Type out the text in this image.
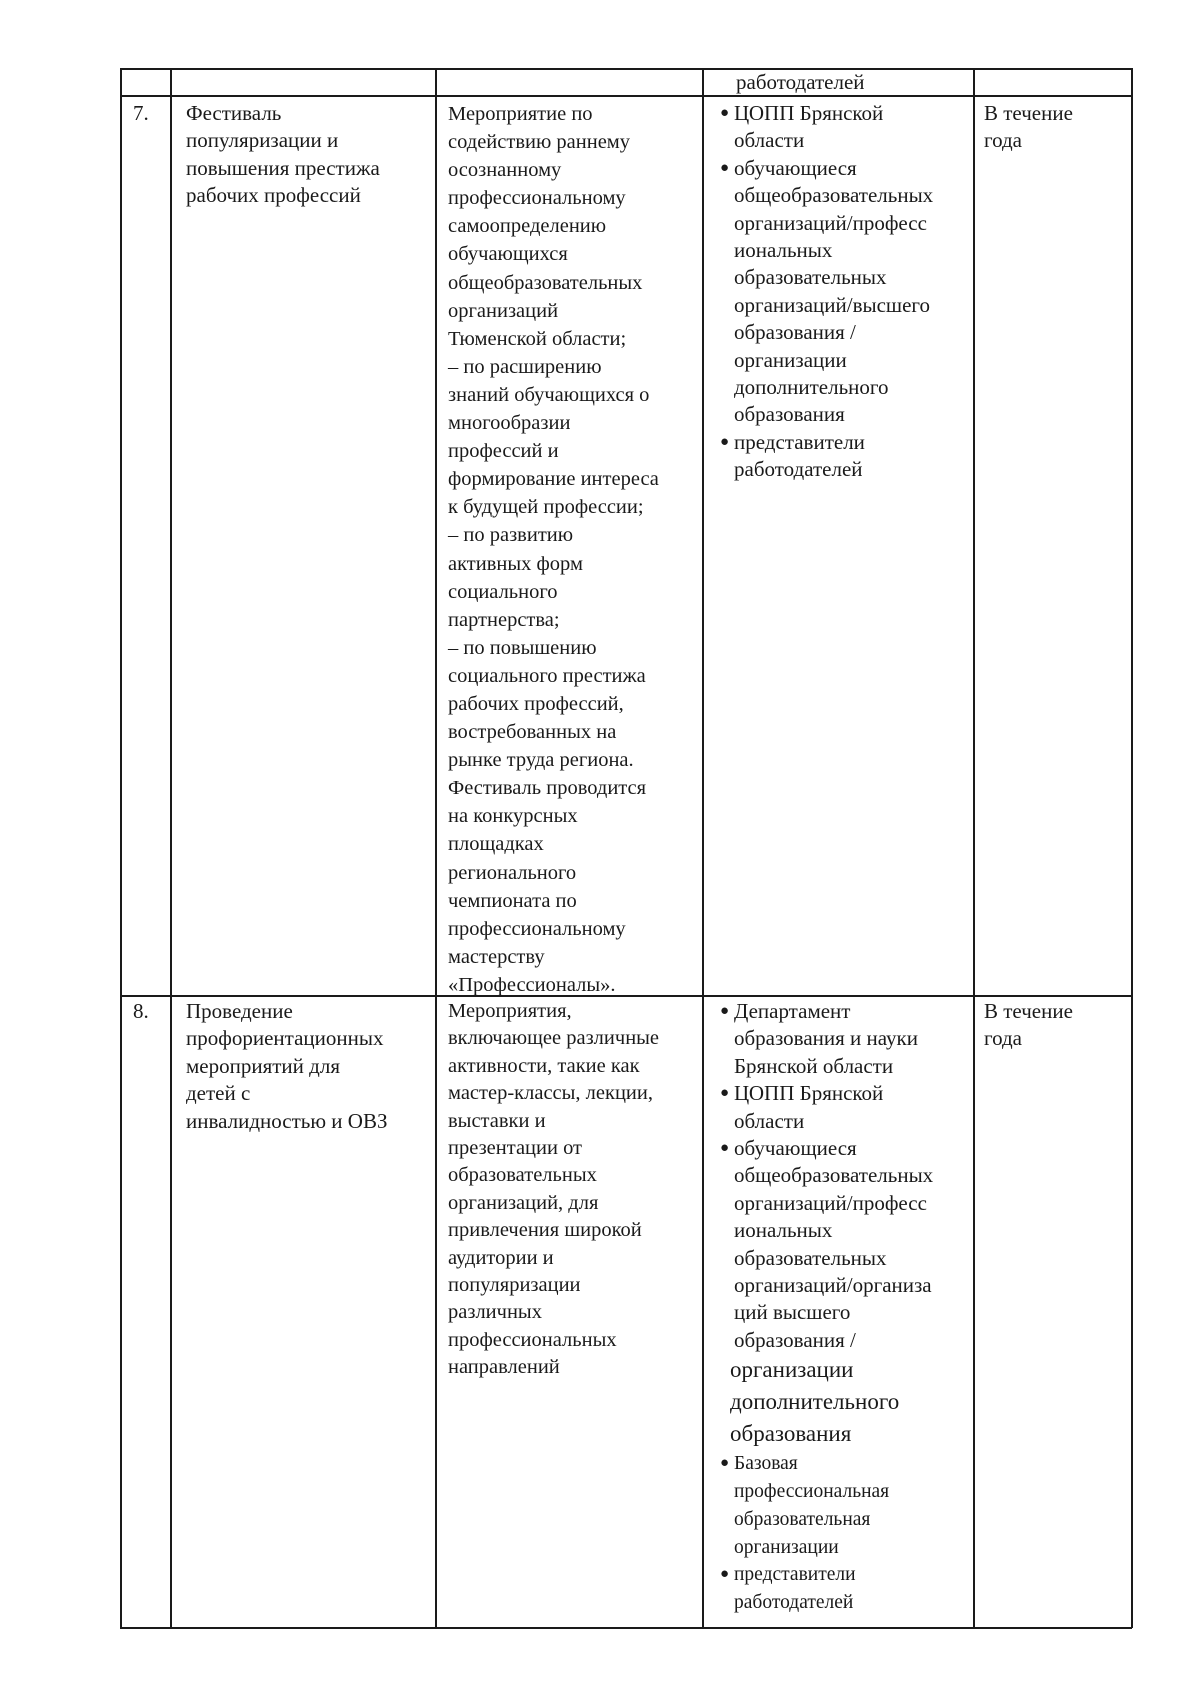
работодателей
7. Фестиваль
популяризации и
повышения престижа
рабочих профессий
Мероприятие по
содействию раннему
осознанному
профессиональному
самоопределению
обучающихся
общеобразовательных
организаций
Тюменской области;
– по расширению
знаний обучающихся о
многообразии
профессий и
формирование интереса
к будущей профессии;
– по развитию
активных форм
социального
партнерства;
– по повышению
социального престижа
рабочих профессий,
востребованных на
рынке труда региона.
Фестиваль проводится
на конкурсных
площадках
регионального
чемпионата по
профессиональному
мастерству
«Профессионалы».
● ЦОПП Брянской
области
● обучающиеся
общеобразовательных
организаций/професс
иональных
образовательных
организаций/высшего
образования /
организации
дополнительного
образования
● представители
работодателей
В течение
года
8. Проведение
профориентационных
мероприятий для
детей с
инвалидностью и ОВЗ
Мероприятия,
включающее различные
активности, такие как
мастер-классы, лекции,
выставки и
презентации от
образовательных
организаций, для
привлечения широкой
аудитории и
популяризации
различных
профессиональных
направлений
● Департамент
образования и науки
Брянской области
● ЦОПП Брянской
области
● обучающиеся
общеобразовательных
организаций/професс
иональных
образовательных
организаций/организа
ций высшего
образования /
организации
дополнительного
образования
● Базовая
профессиональная
образовательная
организации
● представители
работодателей
В течение
года
